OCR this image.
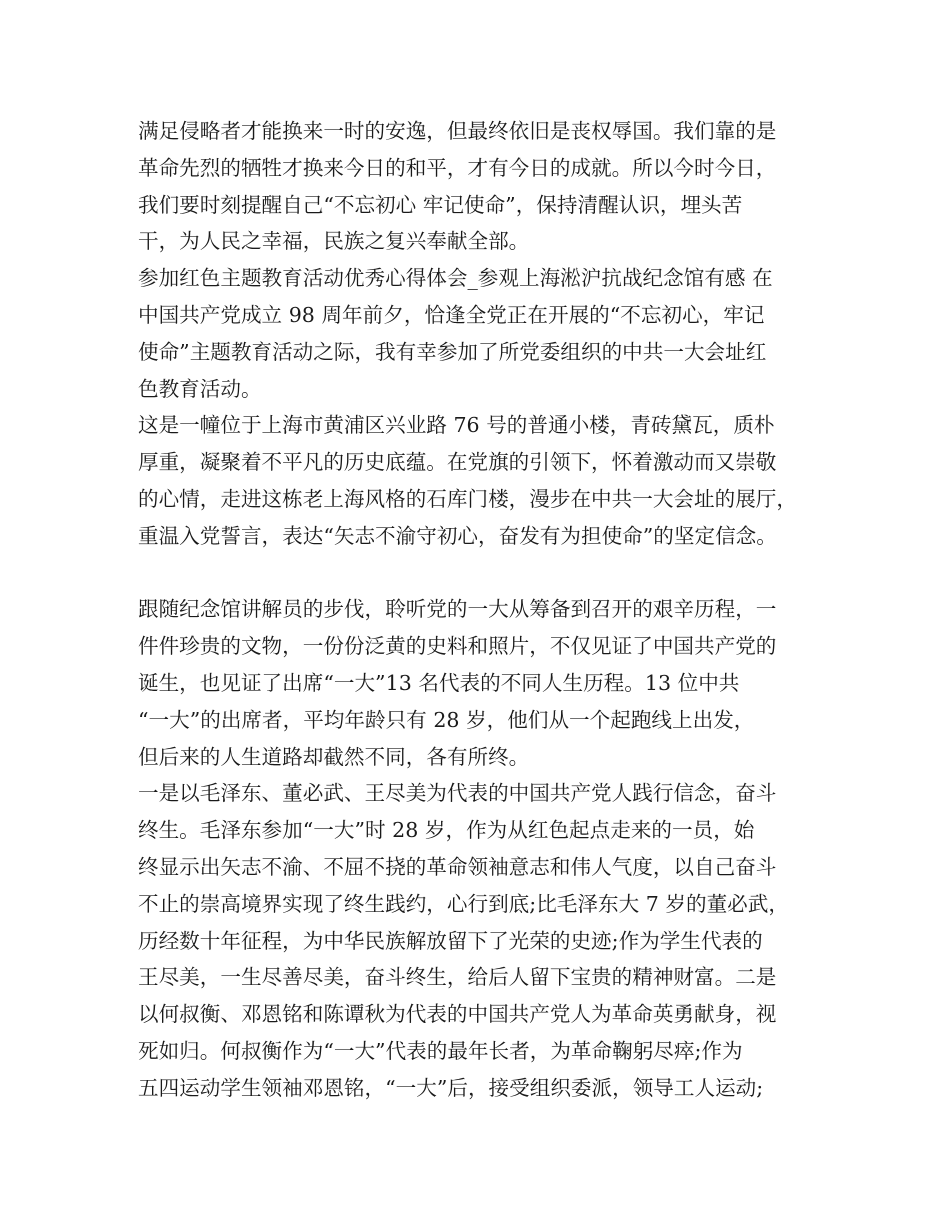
满足侵略者才能换来一时的安逸，但最终依旧是丧权辱国。我们靠的是
革命先烈的牺牲才换来今日的和平，才有今日的成就。所以今时今日，
我们要时刻提醒自己“不忘初心 牢记使命”，保持清醒认识，埋头苦
干，为人民之幸福，民族之复兴奉献全部。
参加红色主题教育活动优秀心得体会_参观上海淞沪抗战纪念馆有感 在
中国共产党成立 98 周年前夕，恰逢全党正在开展的“不忘初心，牢记
使命”主题教育活动之际，我有幸参加了所党委组织的中共一大会址红
色教育活动。
这是一幢位于上海市黄浦区兴业路 76 号的普通小楼，青砖黛瓦，质朴
厚重，凝聚着不平凡的历史底蕴。在党旗的引领下，怀着激动而又崇敬
的心情，走进这栋老上海风格的石库门楼，漫步在中共一大会址的展厅，
重温入党誓言，表达“矢志不渝守初心，奋发有为担使命”的坚定信念。
跟随纪念馆讲解员的步伐，聆听党的一大从筹备到召开的艰辛历程，一
件件珍贵的文物，一份份泛黄的史料和照片，不仅见证了中国共产党的
诞生，也见证了出席“一大”13 名代表的不同人生历程。13 位中共
“一大”的出席者，平均年龄只有 28 岁，他们从一个起跑线上出发，
但后来的人生道路却截然不同，各有所终。
一是以毛泽东、董必武、王尽美为代表的中国共产党人践行信念，奋斗
终生。毛泽东参加“一大”时 28 岁，作为从红色起点走来的一员，始
终显示出矢志不渝、不屈不挠的革命领袖意志和伟人气度，以自己奋斗
不止的崇高境界实现了终生践约，心行到底;比毛泽东大 7 岁的董必武，
历经数十年征程，为中华民族解放留下了光荣的史迹;作为学生代表的
王尽美，一生尽善尽美，奋斗终生，给后人留下宝贵的精神财富。二是
以何叔衡、邓恩铭和陈谭秋为代表的中国共产党人为革命英勇献身，视
死如归。何叔衡作为“一大”代表的最年长者，为革命鞠躬尽瘁;作为
五四运动学生领袖邓恩铭，“一大”后，接受组织委派，领导工人运动;
